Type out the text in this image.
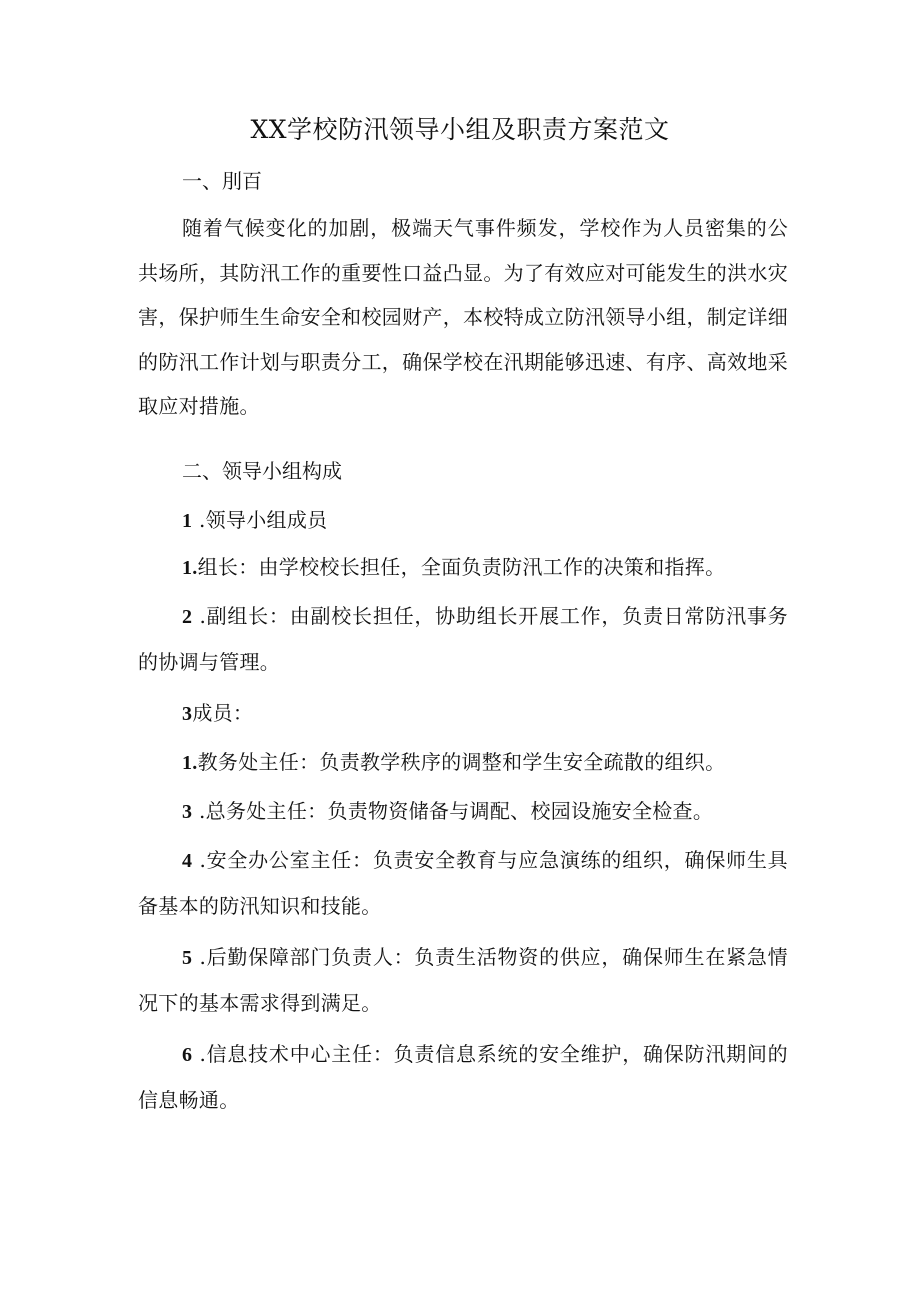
XX学校防汛领导小组及职责方案范文
一、刖百
随着气候变化的加剧，极端天气事件频发，学校作为人员密集的公共场所，其防汛工作的重要性口益凸显。为了有效应对可能发生的洪水灾害，保护师生生命安全和校园财产，本校特成立防汛领导小组，制定详细的防汛工作计划与职责分工，确保学校在汛期能够迅速、有序、高效地采取应对措施。
二、领导小组构成
1 .领导小组成员
1.组长：由学校校长担任，全面负责防汛工作的决策和指挥。
2 .副组长：由副校长担任，协助组长开展工作，负责日常防汛事务的协调与管理。
3成员：
1.教务处主任：负责教学秩序的调整和学生安全疏散的组织。
3 .总务处主任：负责物资储备与调配、校园设施安全检查。
4 .安全办公室主任：负责安全教育与应急演练的组织，确保师生具备基本的防汛知识和技能。
5 .后勤保障部门负责人：负责生活物资的供应，确保师生在紧急情况下的基本需求得到满足。
6 .信息技术中心主任：负责信息系统的安全维护，确保防汛期间的信息畅通。
